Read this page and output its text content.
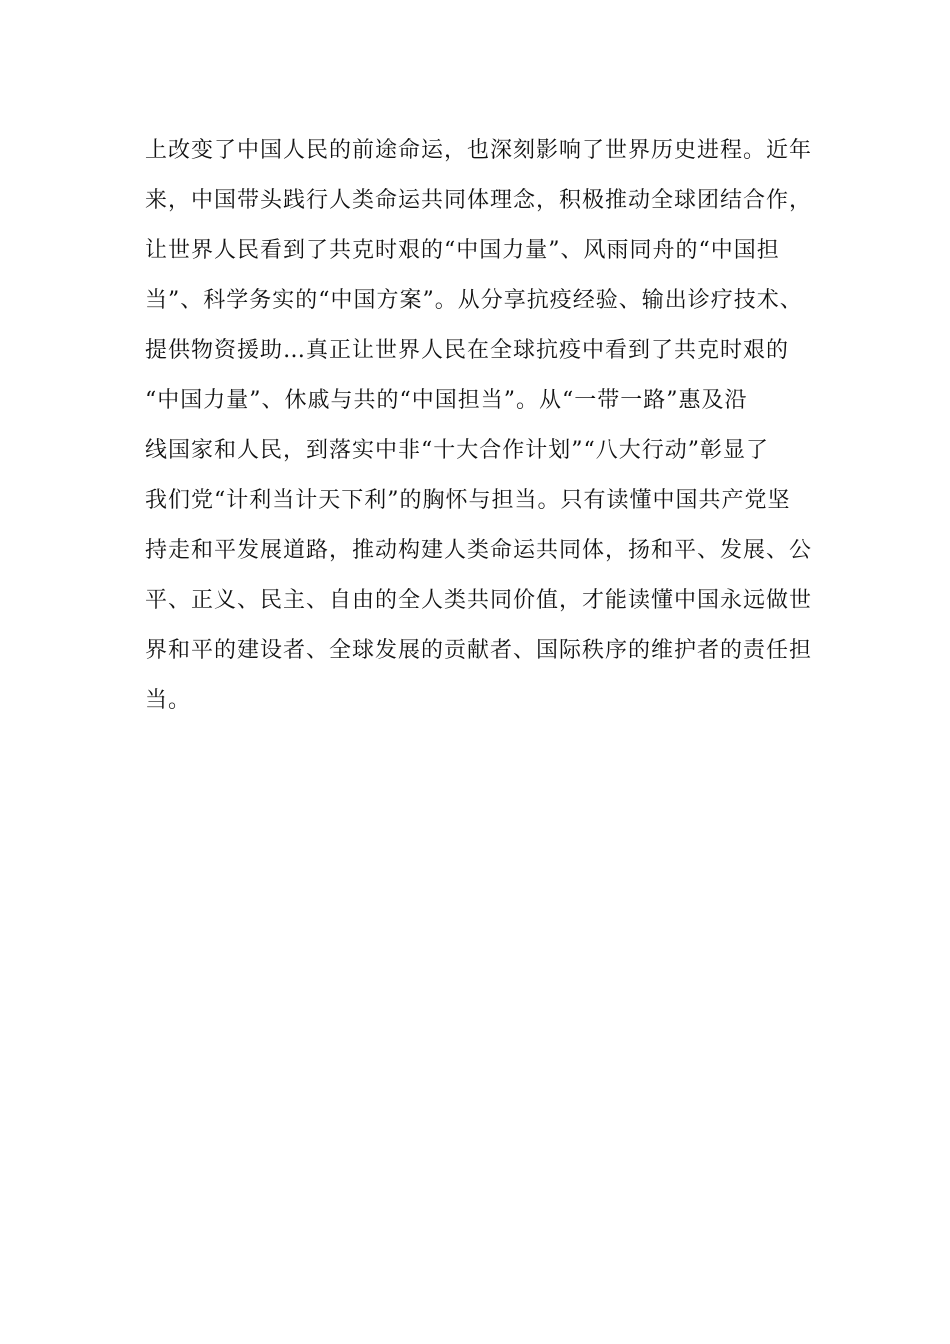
上改变了中国人民的前途命运，也深刻影响了世界历史进程。近年
来，中国带头践行人类命运共同体理念，积极推动全球团结合作，
让世界人民看到了共克时艰的“中国力量”、风雨同舟的“中国担
当”、科学务实的“中国方案”。从分享抗疫经验、输出诊疗技术、
提供物资援助…真正让世界人民在全球抗疫中看到了共克时艰的
“中国力量”、休戚与共的“中国担当”。从“一带一路”惠及沿
线国家和人民，到落实中非“十大合作计划”“八大行动”彰显了
我们党“计利当计天下利”的胸怀与担当。只有读懂中国共产党坚
持走和平发展道路，推动构建人类命运共同体，扬和平、发展、公
平、正义、民主、自由的全人类共同价值，才能读懂中国永远做世
界和平的建设者、全球发展的贡献者、国际秩序的维护者的责任担
当。
